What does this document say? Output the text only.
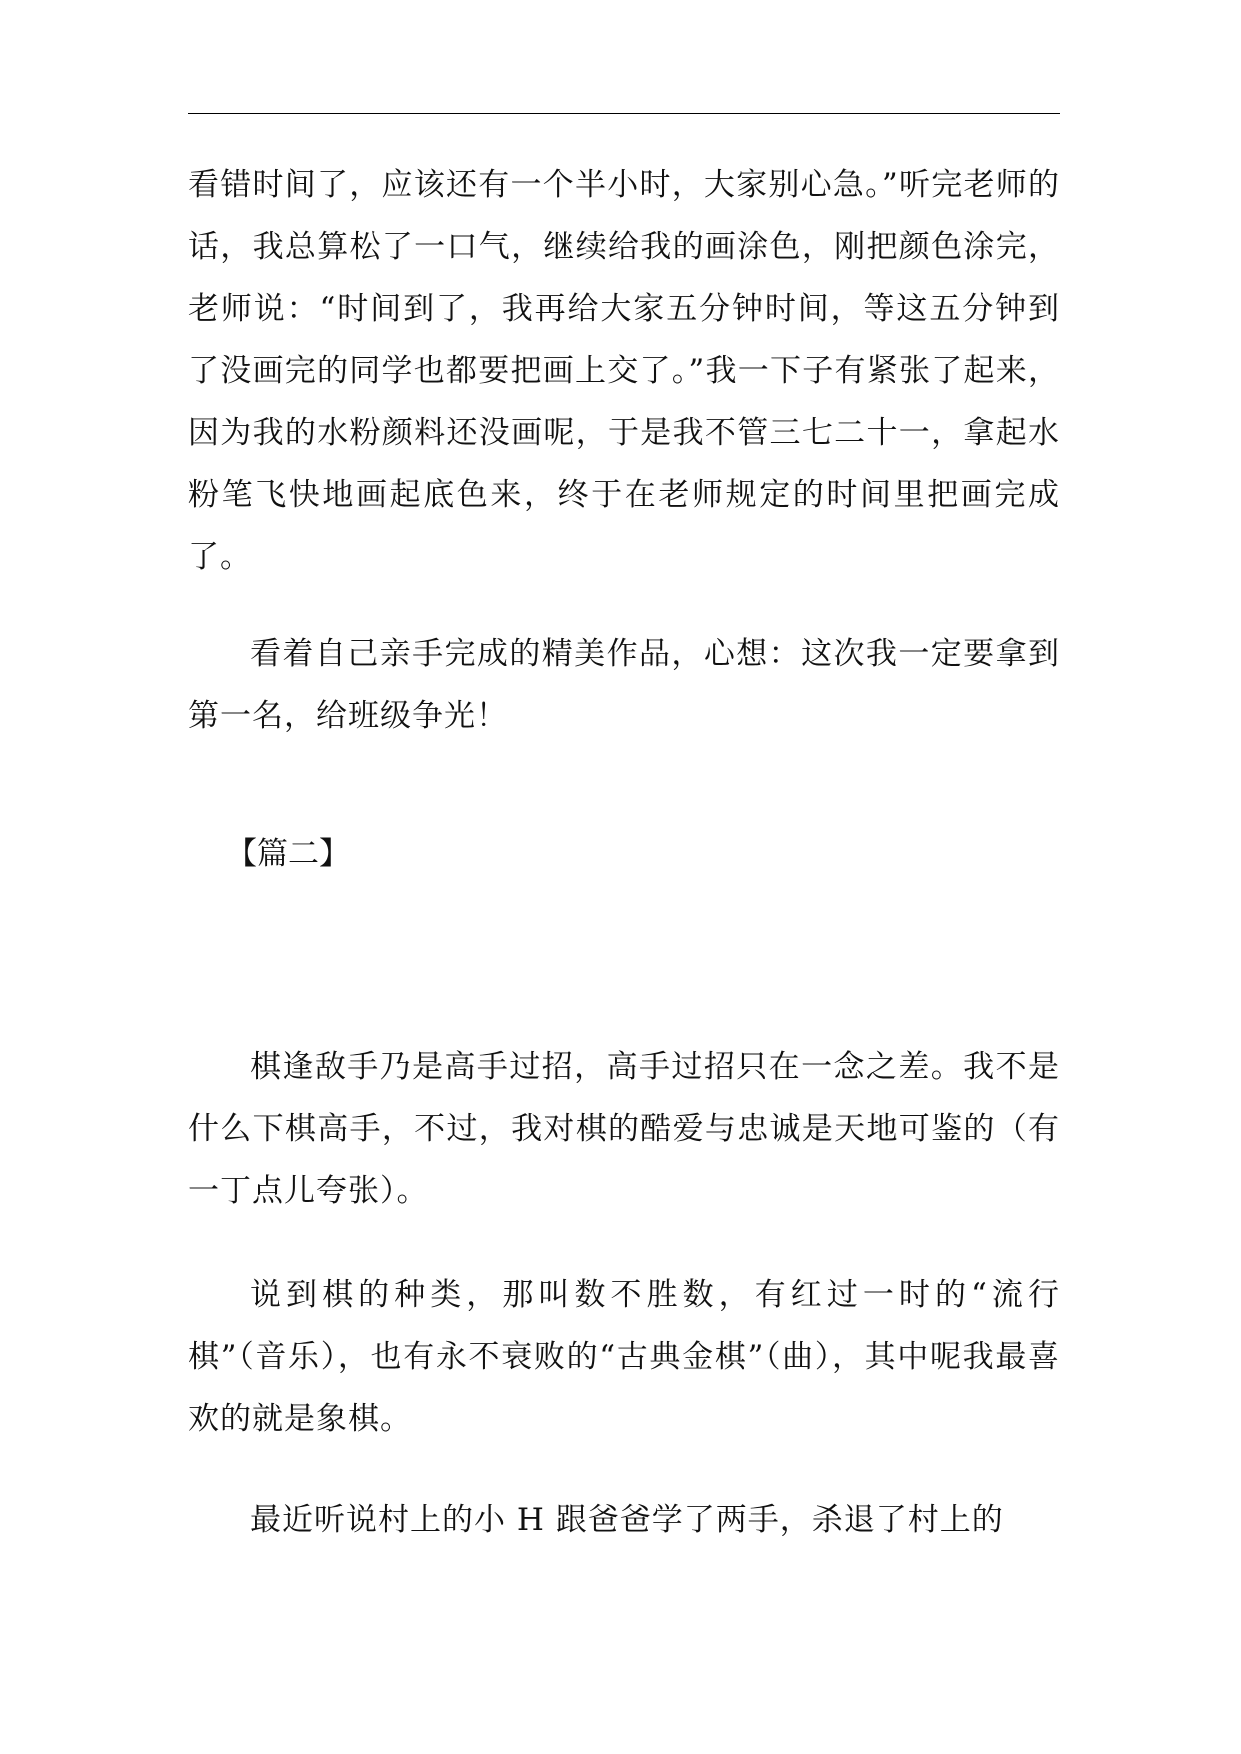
看错时间了，应该还有一个半小时，大家别心急。”听完老师的话，我总算松了一口气，继续给我的画涂色，刚把颜色涂完，老师说：“时间到了，我再给大家五分钟时间，等这五分钟到了没画完的同学也都要把画上交了。”我一下子有紧张了起来，因为我的水粉颜料还没画呢，于是我不管三七二十一，拿起水粉笔飞快地画起底色来，终于在老师规定的时间里把画完成了。

看着自己亲手完成的精美作品，心想：这次我一定要拿到第一名，给班级争光！

【篇二】

棋逢敌手乃是高手过招，高手过招只在一念之差。我不是什么下棋高手，不过，我对棋的酷爱与忠诚是天地可鉴的（有一丁点儿夸张）。

说到棋的种类，那叫数不胜数，有红过一时的“流行棋”（音乐），也有永不衰败的“古典金棋”（曲），其中呢我最喜欢的就是象棋。

最近听说村上的小 H 跟爸爸学了两手，杀退了村上的
